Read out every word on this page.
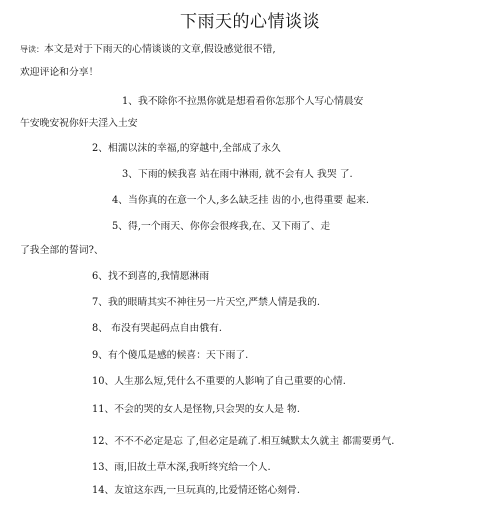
下雨天的心情谈谈
导读：本文是对于下雨天的心情谈谈的文章,假设感觉很不错,
欢迎评论和分享！
1、我不除你不拉黑你就是想看看你怎那个人写心情晨安
午安晚安祝你奸夫淫入土安
2、相濡以沫的幸福,的穿越中,全部成了永久
3、下雨的候我喜 站在雨中淋雨, 就不会有人 我哭 了.
4、当你真的在意一个人,多么缺乏挂 齿的小,也得重要 起来.
5、得,一个雨天、你你会很疼我,在、又下雨了、走
了我全部的誓词?、
6、找不到喜的,我情愿淋雨
7、我的眼睛其实不神往另一片天空,严禁人情是我的.
8、 布没有哭起码点自由俄有.
9、有个傻瓜是感的候喜：天下雨了.
10、人生那么短,凭什么不重要的人影响了自己重要的心情.
11、不会的哭的女人是怪物,只会哭的女人是 物.
12、不不不必定是忘 了,但必定是疏了.相互缄默太久就主 都需要勇气.
13、雨,旧故土草木深,我听终究给一个人.
14、友谊这东西,一旦玩真的,比爱情还铭心刻骨.
